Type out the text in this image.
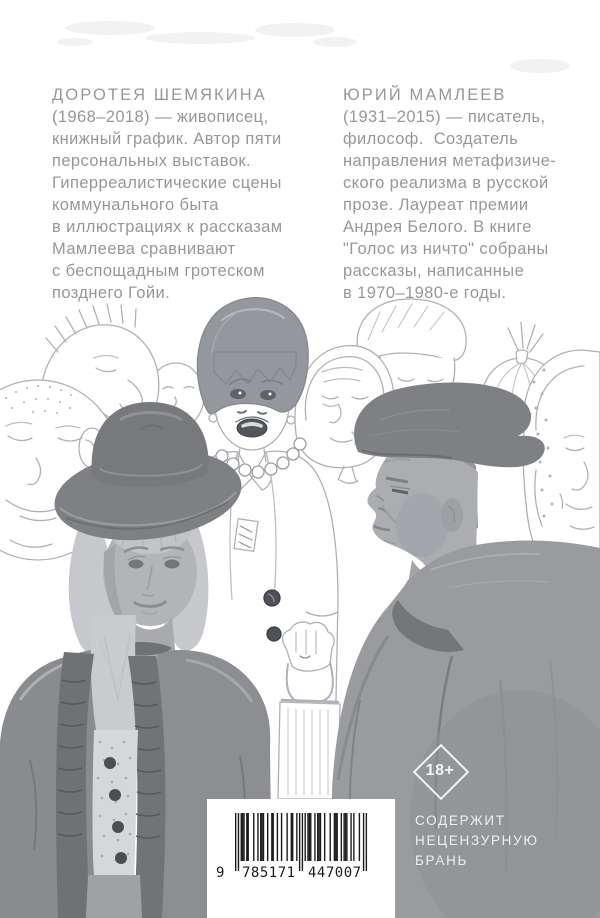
ДОРОТЕЯ ШЕМЯКИНА
(1968–2018) — живописец,
книжный график. Автор пяти
персональных выставок.
Гиперреалистические сцены
коммунального быта
в иллюстрациях к рассказам
Мамлеева сравнивают
с беспощадным гротеском
позднего Гойи.
ЮРИЙ МАМЛЕЕВ
(1931–2015) — писатель,
философ.  Создатель
направления метафизиче-
ского реализма в русской
прозе. Лауреат премии
Андрея Белого. В книге
"Голос из ничто" собраны
рассказы, написанные
в 1970–1980-е годы.
18+
СОДЕРЖИТ
НЕЦЕНЗУРНУЮ
БРАНЬ
9 785171 447007
